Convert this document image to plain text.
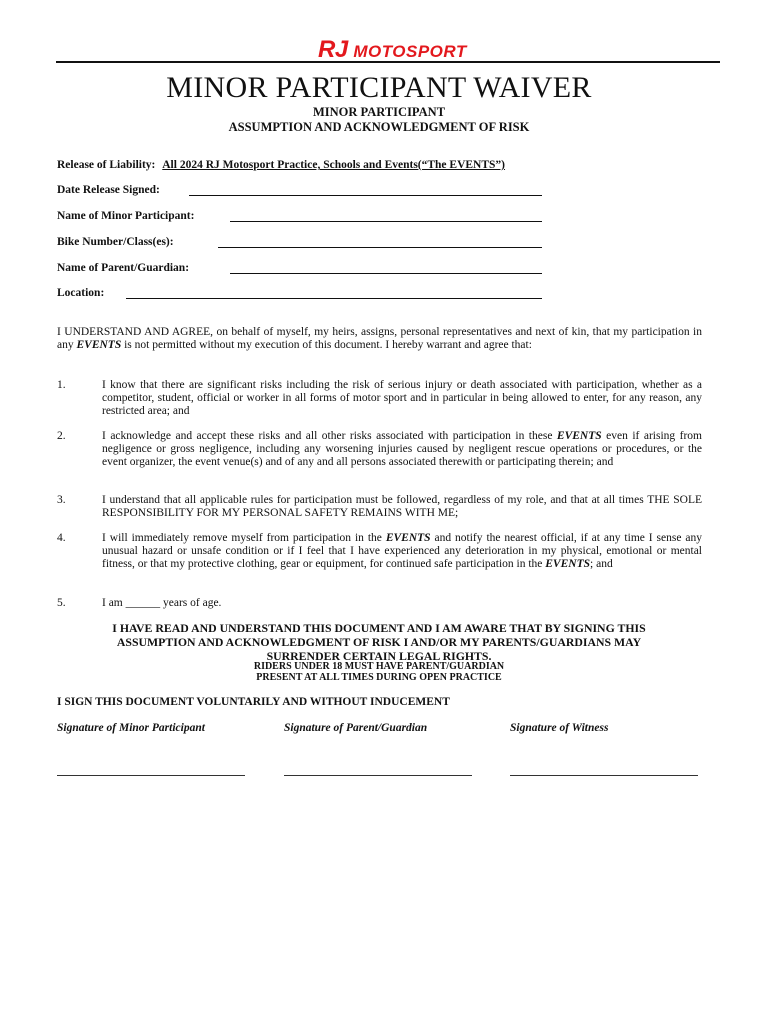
RJ MOTOSPORT
MINOR PARTICIPANT WAIVER
MINOR PARTICIPANT
ASSUMPTION AND ACKNOWLEDGMENT OF RISK
Release of Liability: All 2024 RJ Motosport Practice, Schools and Events(“The EVENTS”)
Date Release Signed:
Name of Minor Participant:
Bike Number/Class(es):
Name of Parent/Guardian:
Location:
I UNDERSTAND AND AGREE, on behalf of myself, my heirs, assigns, personal representatives and next of kin, that my participation in any EVENTS is not permitted without my execution of this document. I hereby warrant and agree that:
1.	I know that there are significant risks including the risk of serious injury or death associated with participation, whether as a competitor, student, official or worker in all forms of motor sport and in particular in being allowed to enter, for any reason, any restricted area; and
2.	I acknowledge and accept these risks and all other risks associated with participation in these EVENTS even if arising from negligence or gross negligence, including any worsening injuries caused by negligent rescue operations or procedures, or the event organizer, the event venue(s) and of any and all persons associated therewith or participating therein; and
3.	I understand that all applicable rules for participation must be followed, regardless of my role, and that at all times THE SOLE RESPONSIBILITY FOR MY PERSONAL SAFETY REMAINS WITH ME;
4.	I will immediately remove myself from participation in the EVENTS and notify the nearest official, if at any time I sense any unusual hazard or unsafe condition or if I feel that I have experienced any deterioration in my physical, emotional or mental fitness, or that my protective clothing, gear or equipment, for continued safe participation in the EVENTS; and
5.	I am ______ years of age.
I HAVE READ AND UNDERSTAND THIS DOCUMENT AND I AM AWARE THAT BY SIGNING THIS
ASSUMPTION AND ACKNOWLEDGMENT OF RISK I AND/OR MY PARENTS/GUARDIANS MAY
SURRENDER CERTAIN LEGAL RIGHTS.
RIDERS UNDER 18 MUST HAVE PARENT/GUARDIAN
PRESENT AT ALL TIMES DURING OPEN PRACTICE
I SIGN THIS DOCUMENT VOLUNTARILY AND WITHOUT INDUCEMENT
Signature of Minor Participant	Signature of Parent/Guardian	Signature of Witness
